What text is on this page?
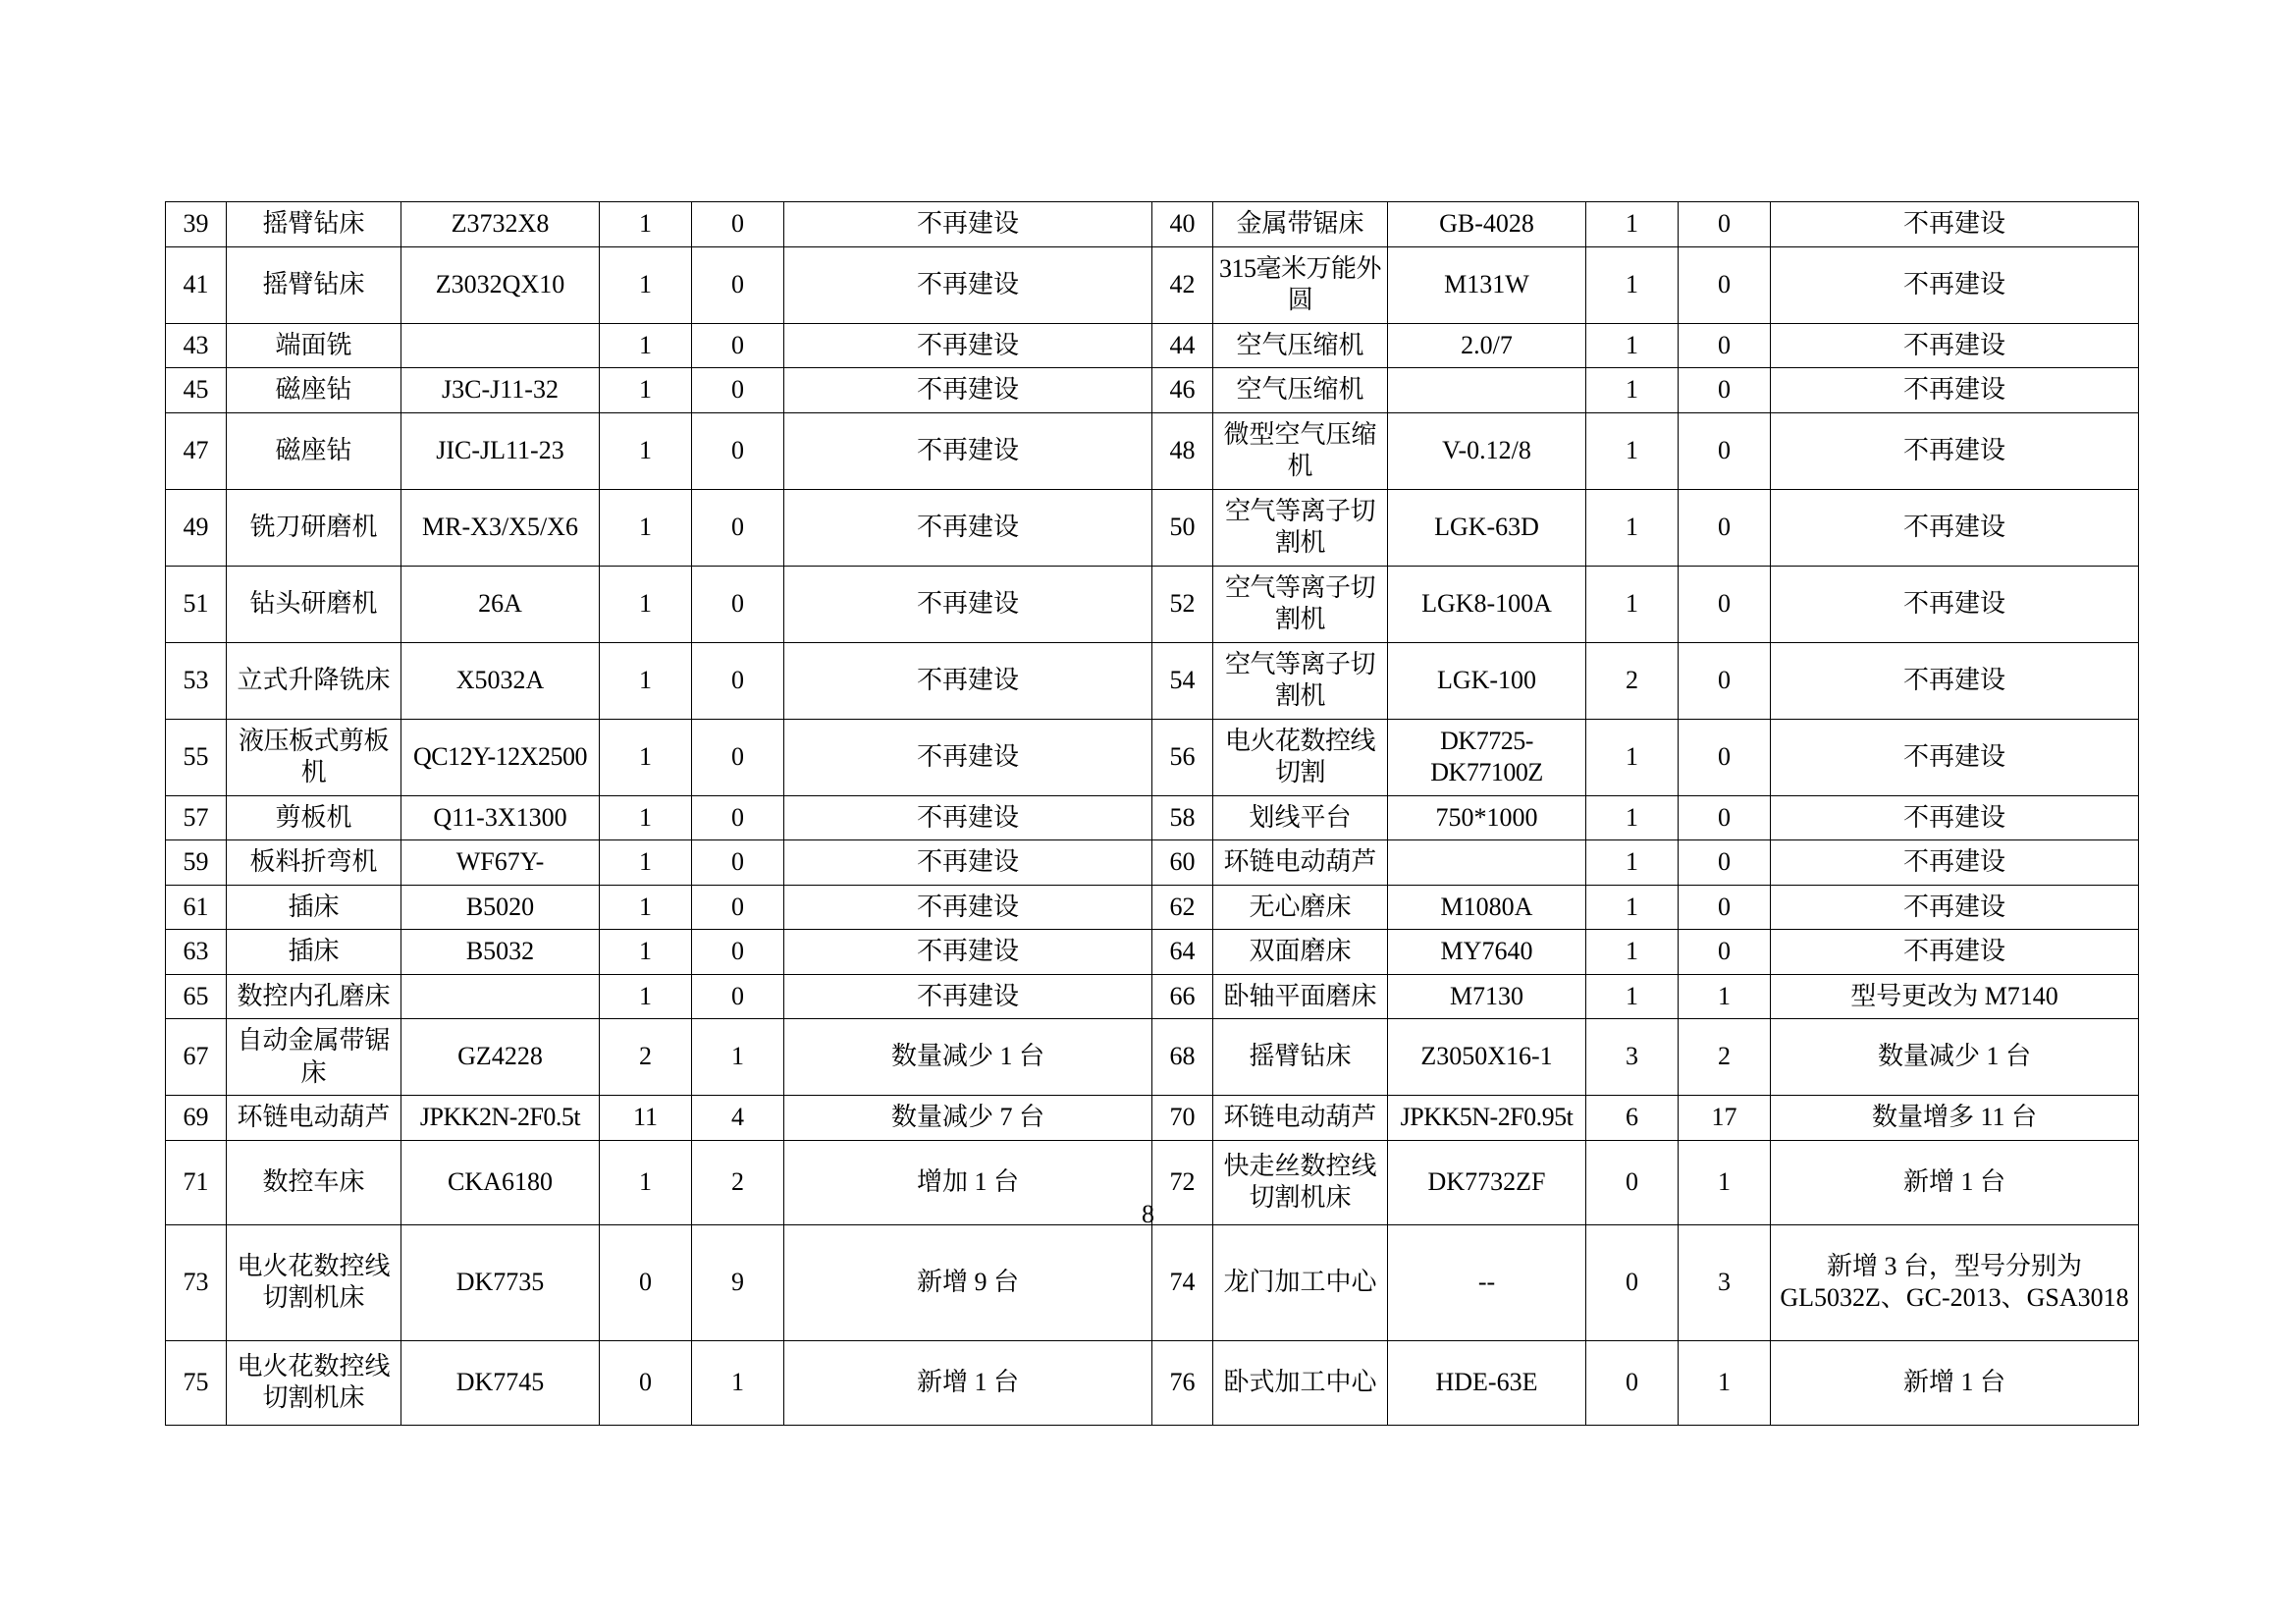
39	摇臂钻床	Z3732X8	1	0	不再建设	40	金属带锯床	GB-4028	1	0	不再建设
41	摇臂钻床	Z3032QX10	1	0	不再建设	42	315毫米万能外圆	M131W	1	0	不再建设
43	端面铣		1	0	不再建设	44	空气压缩机	2.0/7	1	0	不再建设
45	磁座钻	J3C-J11-32	1	0	不再建设	46	空气压缩机		1	0	不再建设
47	磁座钻	JIC-JL11-23	1	0	不再建设	48	微型空气压缩机	V-0.12/8	1	0	不再建设
49	铣刀研磨机	MR-X3/X5/X6	1	0	不再建设	50	空气等离子切割机	LGK-63D	1	0	不再建设
51	钻头研磨机	26A	1	0	不再建设	52	空气等离子切割机	LGK8-100A	1	0	不再建设
53	立式升降铣床	X5032A	1	0	不再建设	54	空气等离子切割机	LGK-100	2	0	不再建设
55	液压板式剪板机	QC12Y-12X2500	1	0	不再建设	56	电火花数控线切割	DK7725-DK77100Z	1	0	不再建设
57	剪板机	Q11-3X1300	1	0	不再建设	58	划线平台	750*1000	1	0	不再建设
59	板料折弯机	WF67Y-	1	0	不再建设	60	环链电动葫芦		1	0	不再建设
61	插床	B5020	1	0	不再建设	62	无心磨床	M1080A	1	0	不再建设
63	插床	B5032	1	0	不再建设	64	双面磨床	MY7640	1	0	不再建设
65	数控内孔磨床		1	0	不再建设	66	卧轴平面磨床	M7130	1	1	型号更改为 M7140
67	自动金属带锯床	GZ4228	2	1	数量减少 1 台	68	摇臂钻床	Z3050X16-1	3	2	数量减少 1 台
69	环链电动葫芦	JPKK2N-2F0.5t	11	4	数量减少 7 台	70	环链电动葫芦	JPKK5N-2F0.95t	6	17	数量增多 11 台
71	数控车床	CKA6180	1	2	增加 1 台	72	快走丝数控线切割机床	DK7732ZF	0	1	新增 1 台
73	电火花数控线切割机床	DK7735	0	9	新增 9 台	74	龙门加工中心	--	0	3	新增 3 台，型号分别为 GL5032Z、GC-2013、GSA3018
75	电火花数控线切割机床	DK7745	0	1	新增 1 台	76	卧式加工中心	HDE-63E	0	1	新增 1 台
8
